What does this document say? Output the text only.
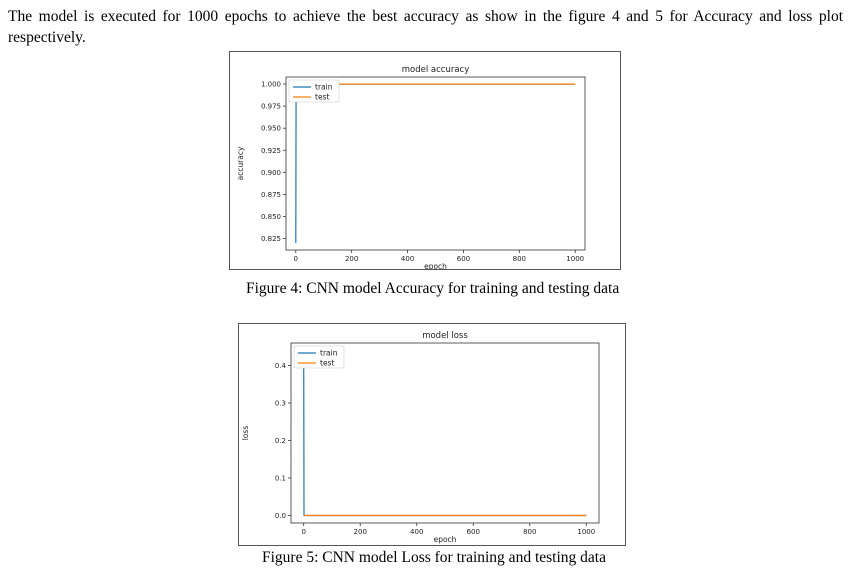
The model is executed for 1000 epochs to achieve the best accuracy as show in the figure 4 and 5 for Accuracy and loss plot respectively.

model accuracy
0	200	400	600	800	1000
0.825
0.850
0.875
0.900
0.925
0.950
0.975
1.000
epoch
accuracy
train
test
Figure 4: CNN model Accuracy for training and testing data
model loss
0	200	400	600	800	1000
0.0
0.1
0.2
0.3
0.4
epoch
loss
train
test
Figure 5: CNN model Loss for training and testing data
